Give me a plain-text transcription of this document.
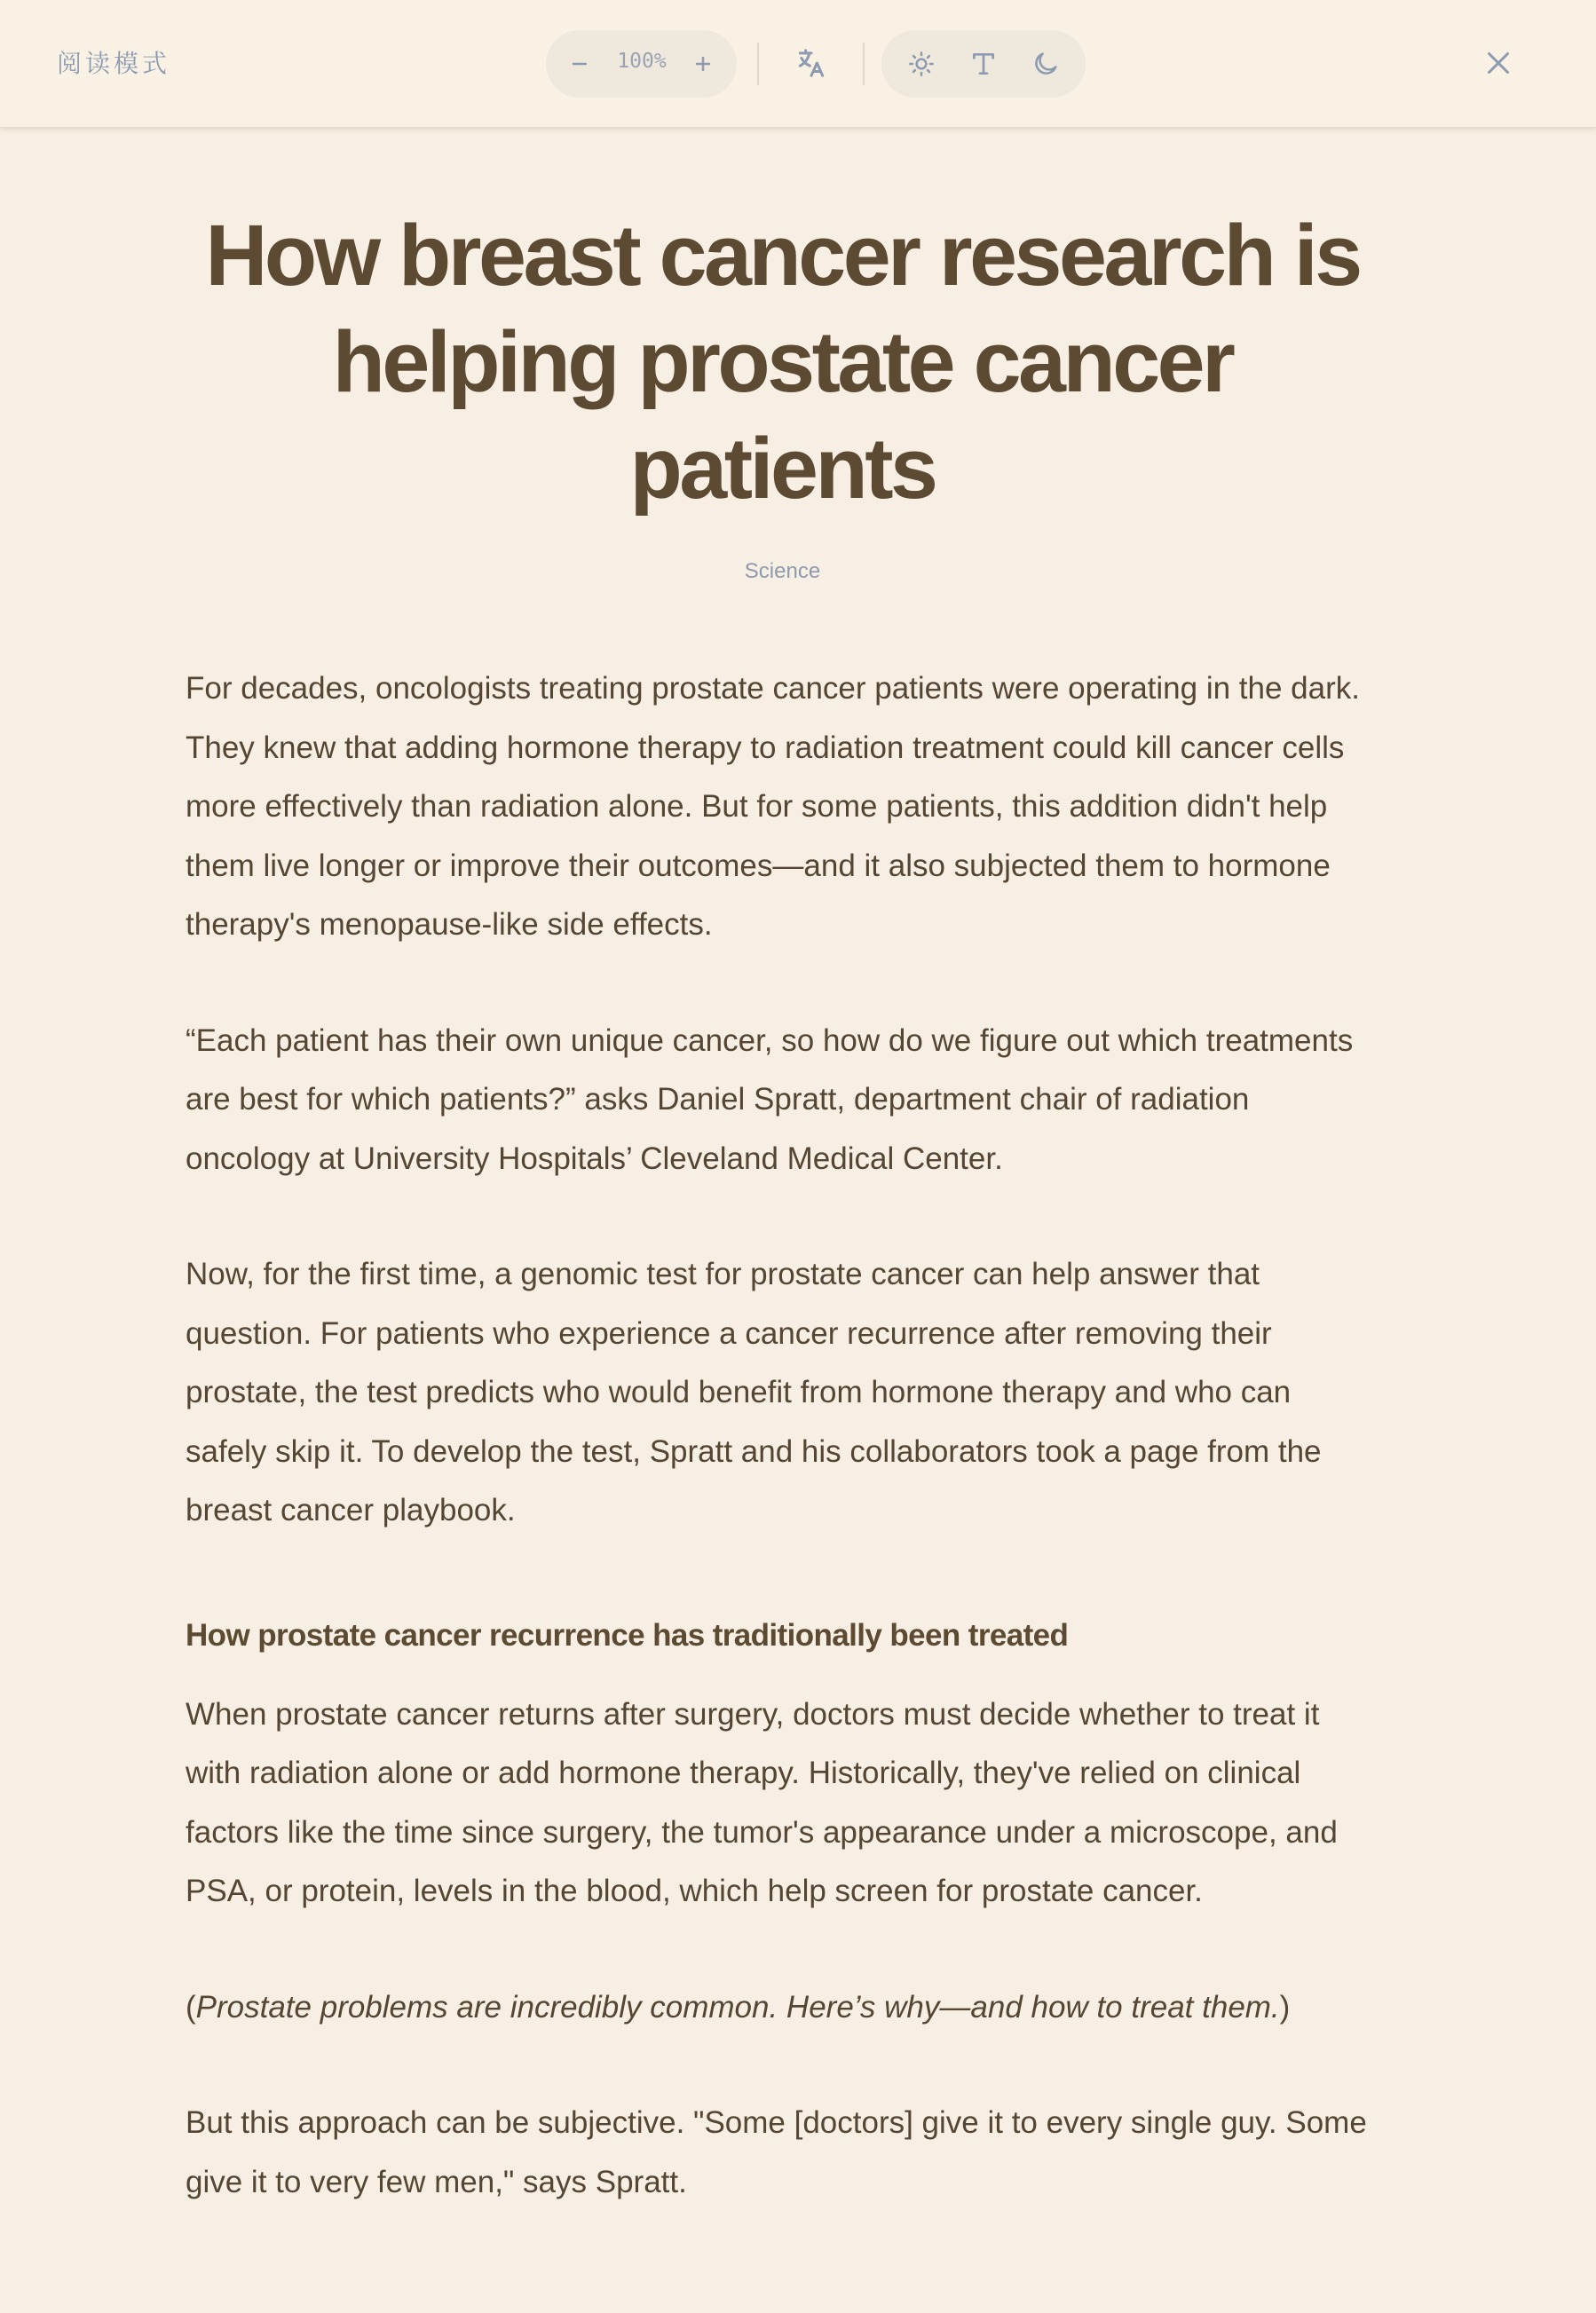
阅读模式	100%
How breast cancer research is helping prostate cancer patients
Science

For decades, oncologists treating prostate cancer patients were operating in the dark. They knew that adding hormone therapy to radiation treatment could kill cancer cells more effectively than radiation alone. But for some patients, this addition didn't help them live longer or improve their outcomes—and it also subjected them to hormone therapy's menopause-like side effects.

“Each patient has their own unique cancer, so how do we figure out which treatments are best for which patients?” asks Daniel Spratt, department chair of radiation oncology at University Hospitals’ Cleveland Medical Center.

Now, for the first time, a genomic test for prostate cancer can help answer that question. For patients who experience a cancer recurrence after removing their prostate, the test predicts who would benefit from hormone therapy and who can safely skip it. To develop the test, Spratt and his collaborators took a page from the breast cancer playbook.

How prostate cancer recurrence has traditionally been treated

When prostate cancer returns after surgery, doctors must decide whether to treat it with radiation alone or add hormone therapy. Historically, they've relied on clinical factors like the time since surgery, the tumor's appearance under a microscope, and PSA, or protein, levels in the blood, which help screen for prostate cancer.

(Prostate problems are incredibly common. Here’s why—and how to treat them.)

But this approach can be subjective. "Some [doctors] give it to every single guy. Some give it to very few men," says Spratt.
